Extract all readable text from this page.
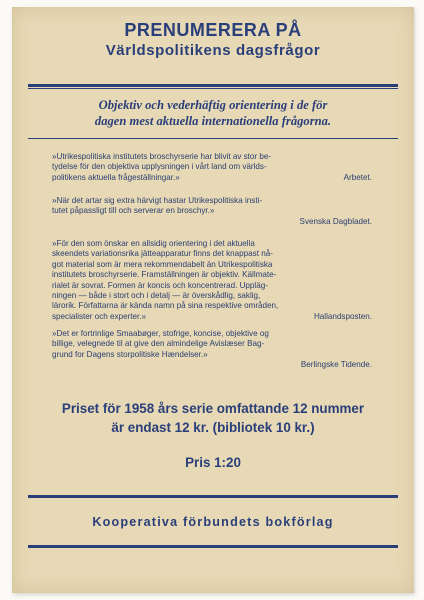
PRENUMERERA PÅ
Världspolitikens dagsfrågor
Objektiv och vederhäftig orientering i de för
dagen mest aktuella internationella frågorna.
»Utrikespolitiska institutets broschyrserie har blivit av stor be-
tydelse för den objektiva upplysningen i vårt land om världs-
politikens aktuella frågeställningar.»	Arbetet.
»När det artar sig extra härvigt hastar Utrikespolitiska insti-
tutet påpassligt till och serverar en broschyr.»
Svenska Dagbladet.
»För den som önskar en allsidig orientering i det aktuella
skeendets variationsrika jätteapparatur finns det knappast nå-
got material som är mera rekommendabelt än Utrikespolitiska
institutets broschyrserie. Framställningen är objektiv. Källmate-
rialet är sovrat. Formen är koncis och koncentrerad. Uppläg-
ningen — både i stort och i detalj — är överskådlig, saklig,
lärorik. Författarna är kända namn på sina respektive områden,
specialister och experter.»	Hallandsposten.
»Det er fortrinlige Smaabøger, stofrige, koncise, objektive og
billige, velegnede til at give den almindelige Avislæser Bag-
grund for Dagens storpolitiske Hændelser.»
Berlingske Tidende.
Priset för 1958 års serie omfattande 12 nummer
är endast 12 kr. (bibliotek 10 kr.)
Pris 1:20
Kooperativa förbundets bokförlag
